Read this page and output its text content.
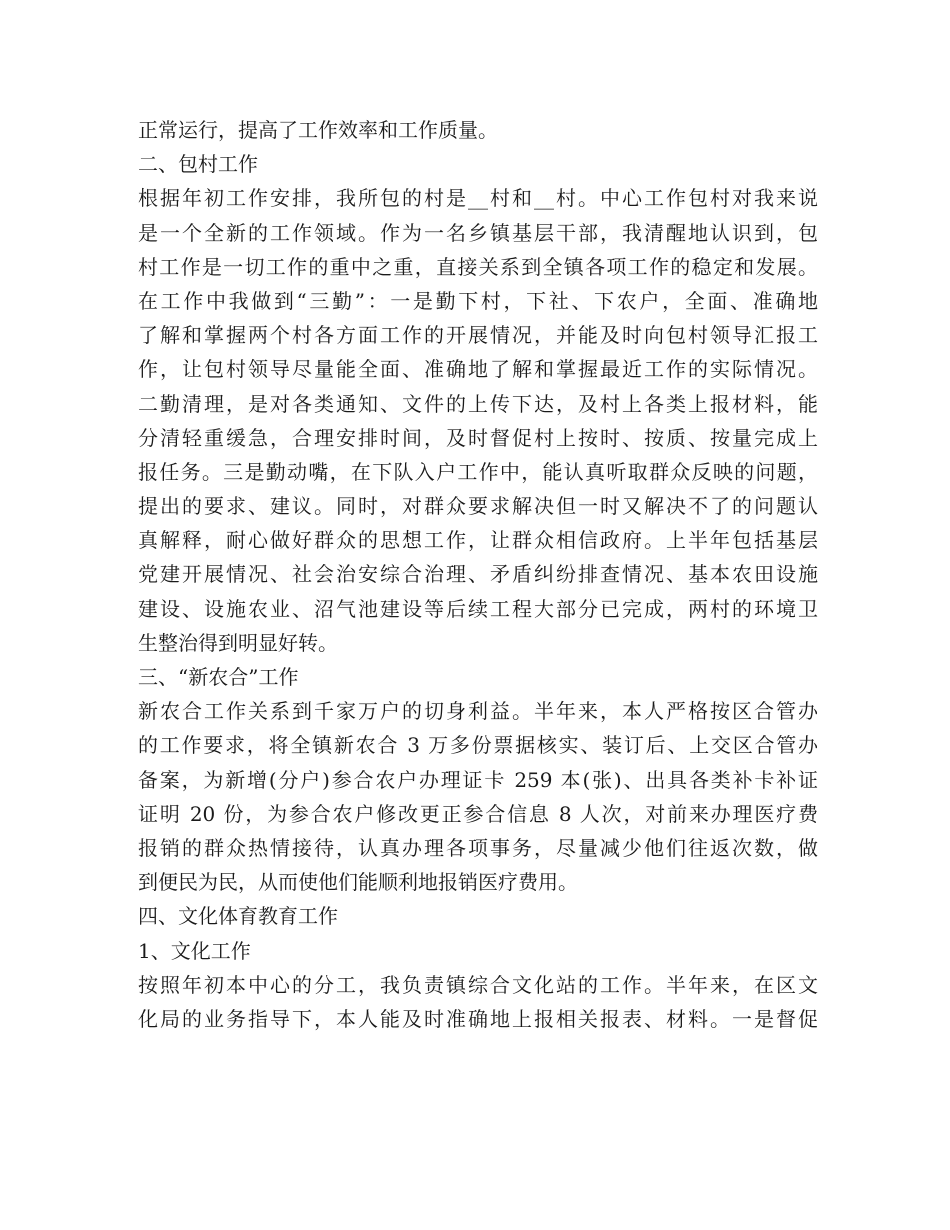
正常运行，提高了工作效率和工作质量。
二、包村工作
根据年初工作安排，我所包的村是__村和__村。中心工作包村对我来说
是一个全新的工作领域。作为一名乡镇基层干部，我清醒地认识到，包
村工作是一切工作的重中之重，直接关系到全镇各项工作的稳定和发展。
在工作中我做到“三勤”：一是勤下村，下社、下农户，全面、准确地
了解和掌握两个村各方面工作的开展情况，并能及时向包村领导汇报工
作，让包村领导尽量能全面、准确地了解和掌握最近工作的实际情况。
二勤清理，是对各类通知、文件的上传下达，及村上各类上报材料，能
分清轻重缓急，合理安排时间，及时督促村上按时、按质、按量完成上
报任务。三是勤动嘴，在下队入户工作中，能认真听取群众反映的问题，
提出的要求、建议。同时，对群众要求解决但一时又解决不了的问题认
真解释，耐心做好群众的思想工作，让群众相信政府。上半年包括基层
党建开展情况、社会治安综合治理、矛盾纠纷排查情况、基本农田设施
建设、设施农业、沼气池建设等后续工程大部分已完成，两村的环境卫
生整治得到明显好转。
三、“新农合”工作
新农合工作关系到千家万户的切身利益。半年来，本人严格按区合管办
的工作要求，将全镇新农合 3 万多份票据核实、装订后、上交区合管办
备案，为新增(分户)参合农户办理证卡 259 本(张)、出具各类补卡补证
证明 20 份，为参合农户修改更正参合信息 8 人次，对前来办理医疗费
报销的群众热情接待，认真办理各项事务，尽量减少他们往返次数，做
到便民为民，从而使他们能顺利地报销医疗费用。
四、文化体育教育工作
1、文化工作
按照年初本中心的分工，我负责镇综合文化站的工作。半年来，在区文
化局的业务指导下，本人能及时准确地上报相关报表、材料。一是督促
